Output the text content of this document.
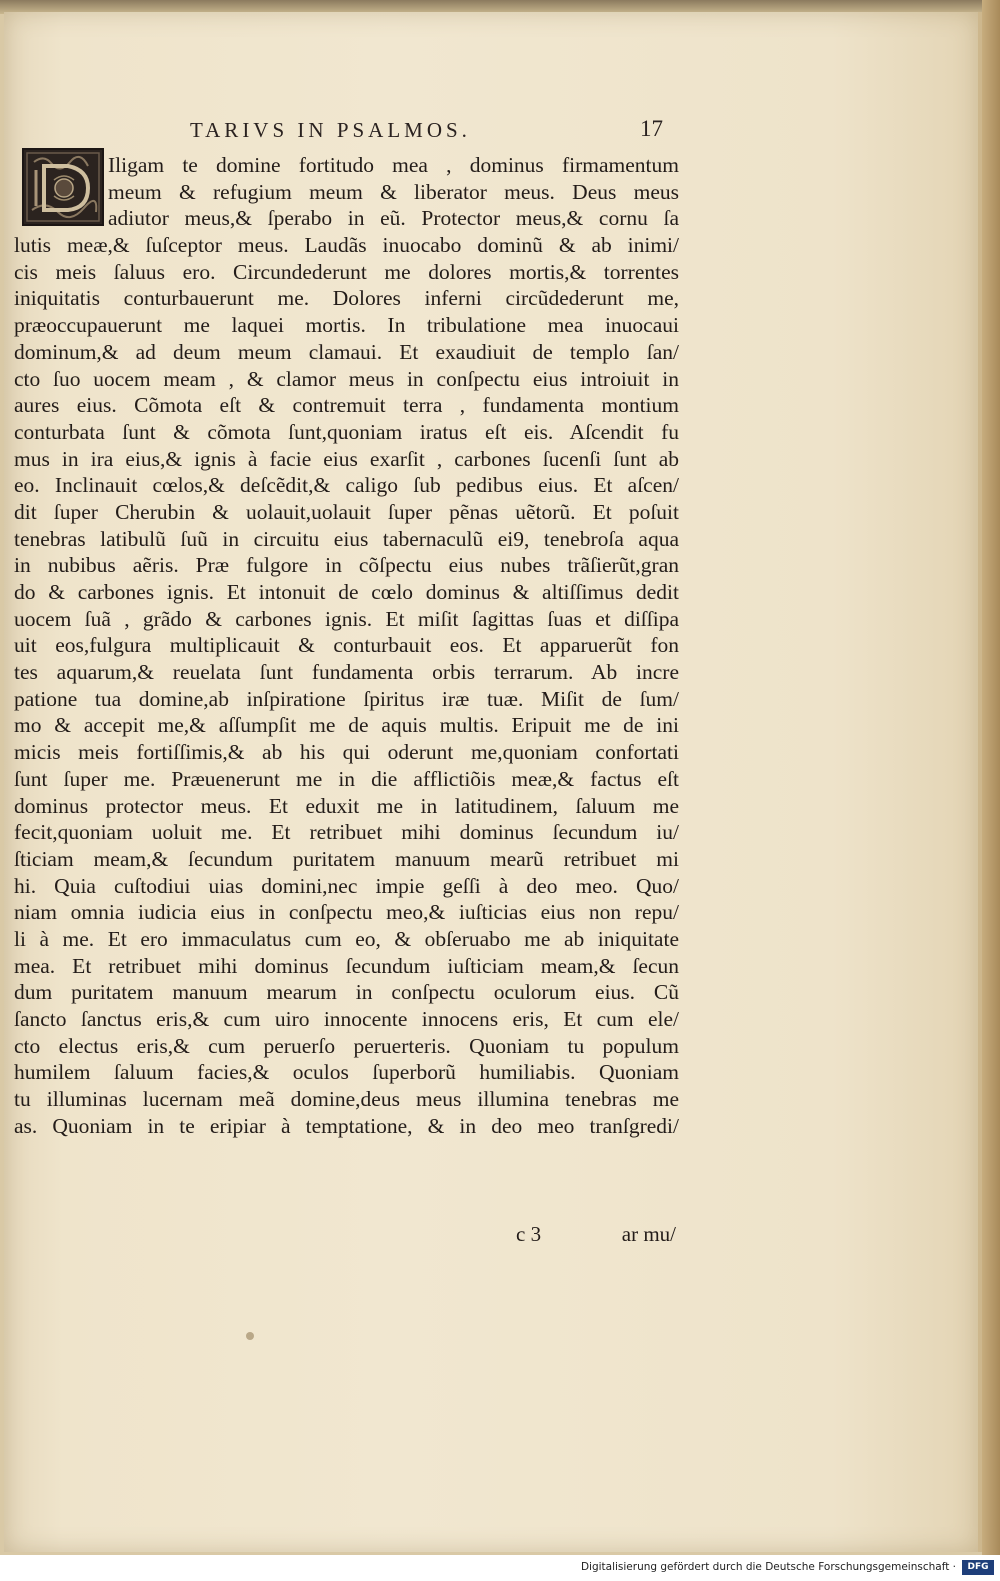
TARIVS IN PSALMOS.	17
Iligam te domine fortitudo mea , dominus firmamentum
meum & refugium meum & liberator meus. Deus meus
adiutor meus,& ſperabo in eũ. Protector meus,& cornu ſa
lutis meæ,& ſuſceptor meus. Laudãs inuocabo dominũ & ab inimi/
cis meis ſaluus ero. Circundederunt me dolores mortis,& torrentes
iniquitatis conturbauerunt me. Dolores inferni circũdederunt me,
præoccupauerunt me laquei mortis. In tribulatione mea inuocaui
dominum,& ad deum meum clamaui. Et exaudiuit de templo ſan/
cto ſuo uocem meam , & clamor meus in conſpectu eius introiuit in
aures eius. Cõmota eſt & contremuit terra , fundamenta montium
conturbata ſunt & cõmota ſunt,quoniam iratus eſt eis. Aſcendit fu
mus in ira eius,& ignis à facie eius exarſit , carbones ſucenſi ſunt ab
eo. Inclinauit cœlos,& deſcẽdit,& caligo ſub pedibus eius. Et aſcen/
dit ſuper Cherubin & uolauit,uolauit ſuper pẽnas uẽtorũ. Et poſuit
tenebras latibulũ ſuũ in circuitu eius tabernaculũ ei9, tenebroſa aqua
in nubibus aẽris. Præ fulgore in cõſpectu eius nubes trãſierũt,gran
do & carbones ignis. Et intonuit de cœlo dominus & altiſſimus dedit
uocem ſuã , grãdo & carbones ignis. Et miſit ſagittas ſuas et diſſipa
uit eos,fulgura multiplicauit & conturbauit eos. Et apparuerũt fon
tes aquarum,& reuelata ſunt fundamenta orbis terrarum. Ab incre
patione tua domine,ab inſpiratione ſpiritus iræ tuæ. Miſit de ſum/
mo & accepit me,& aſſumpſit me de aquis multis. Eripuit me de ini
micis meis fortiſſimis,& ab his qui oderunt me,quoniam confortati
ſunt ſuper me. Præuenerunt me in die afflictiõis meæ,& factus eſt
dominus protector meus. Et eduxit me in latitudinem, ſaluum me
fecit,quoniam uoluit me. Et retribuet mihi dominus ſecundum iu/
ſticiam meam,& ſecundum puritatem manuum mearũ retribuet mi
hi. Quia cuſtodiui uias domini,nec impie geſſi à deo meo. Quo/
niam omnia iudicia eius in conſpectu meo,& iuſticias eius non repu/
li à me. Et ero immaculatus cum eo, & obſeruabo me ab iniquitate
mea. Et retribuet mihi dominus ſecundum iuſticiam meam,& ſecun
dum puritatem manuum mearum in conſpectu oculorum eius. Cũ
ſancto ſanctus eris,& cum uiro innocente innocens eris, Et cum ele/
cto electus eris,& cum peruerſo peruerteris. Quoniam tu populum
humilem ſaluum facies,& oculos ſuperborũ humiliabis. Quoniam
tu illuminas lucernam meã domine,deus meus illumina tenebras me
as. Quoniam in te eripiar à temptatione, & in deo meo tranſgredi/
c 3	ar mu/
Digitalisierung gefördert durch die Deutsche Forschungsgemeinschaft ·	DFG
